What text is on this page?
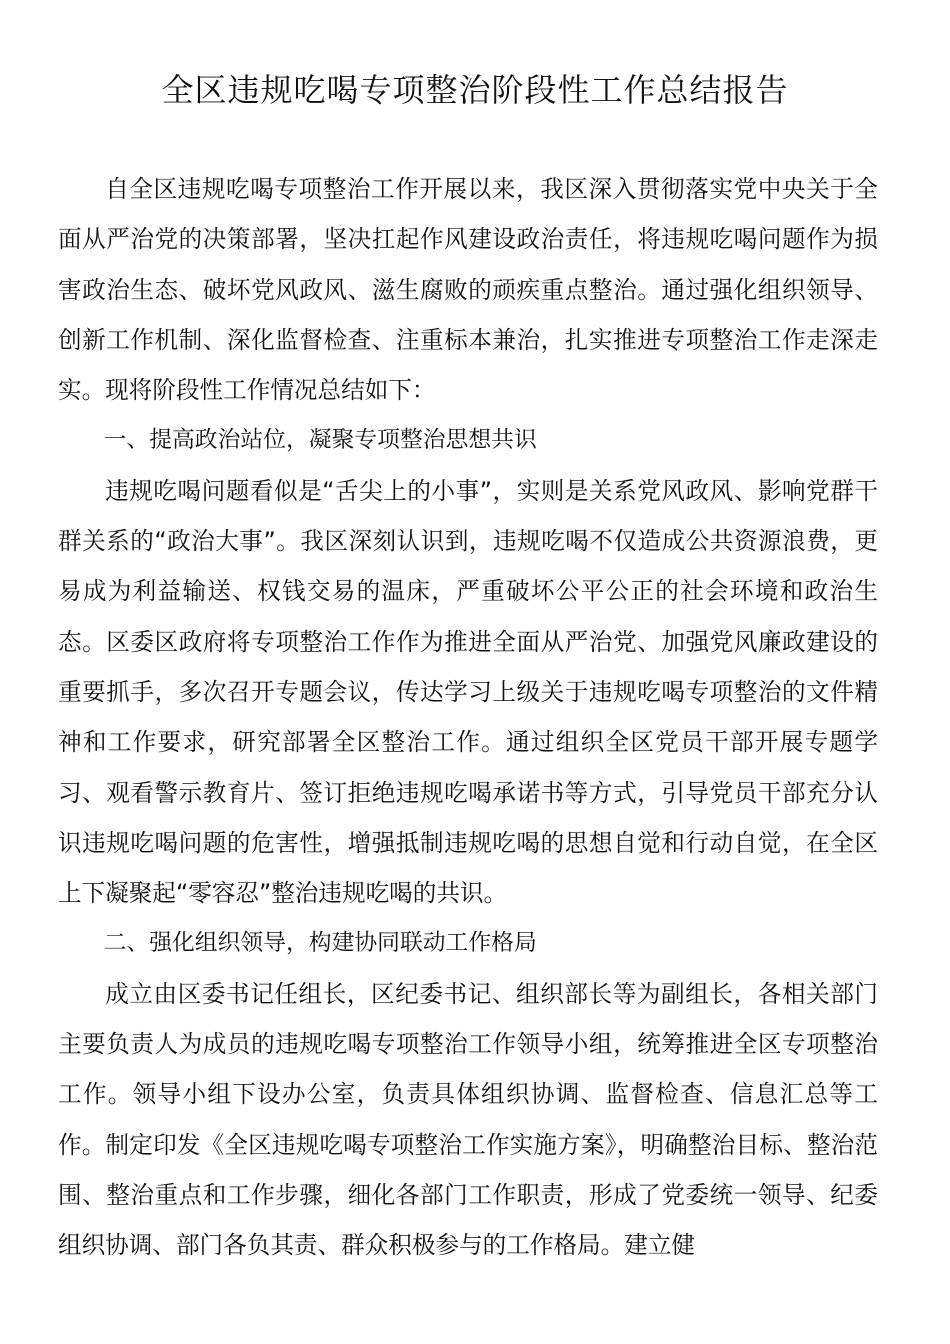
全区违规吃喝专项整治阶段性工作总结报告

自全区违规吃喝专项整治工作开展以来，我区深入贯彻落实党中央关于全面从严治党的决策部署，坚决扛起作风建设政治责任，将违规吃喝问题作为损害政治生态、破坏党风政风、滋生腐败的顽疾重点整治。通过强化组织领导、创新工作机制、深化监督检查、注重标本兼治，扎实推进专项整治工作走深走实。现将阶段性工作情况总结如下：

一、提高政治站位，凝聚专项整治思想共识

违规吃喝问题看似是“舌尖上的小事”，实则是关系党风政风、影响党群干群关系的“政治大事”。我区深刻认识到，违规吃喝不仅造成公共资源浪费，更易成为利益输送、权钱交易的温床，严重破坏公平公正的社会环境和政治生态。区委区政府将专项整治工作作为推进全面从严治党、加强党风廉政建设的重要抓手，多次召开专题会议，传达学习上级关于违规吃喝专项整治的文件精神和工作要求，研究部署全区整治工作。通过组织全区党员干部开展专题学习、观看警示教育片、签订拒绝违规吃喝承诺书等方式，引导党员干部充分认识违规吃喝问题的危害性，增强抵制违规吃喝的思想自觉和行动自觉，在全区上下凝聚起“零容忍”整治违规吃喝的共识。

二、强化组织领导，构建协同联动工作格局

成立由区委书记任组长，区纪委书记、组织部长等为副组长，各相关部门主要负责人为成员的违规吃喝专项整治工作领导小组，统筹推进全区专项整治工作。领导小组下设办公室，负责具体组织协调、监督检查、信息汇总等工作。制定印发《全区违规吃喝专项整治工作实施方案》，明确整治目标、整治范围、整治重点和工作步骤，细化各部门工作职责，形成了党委统一领导、纪委组织协调、部门各负其责、群众积极参与的工作格局。建立健
